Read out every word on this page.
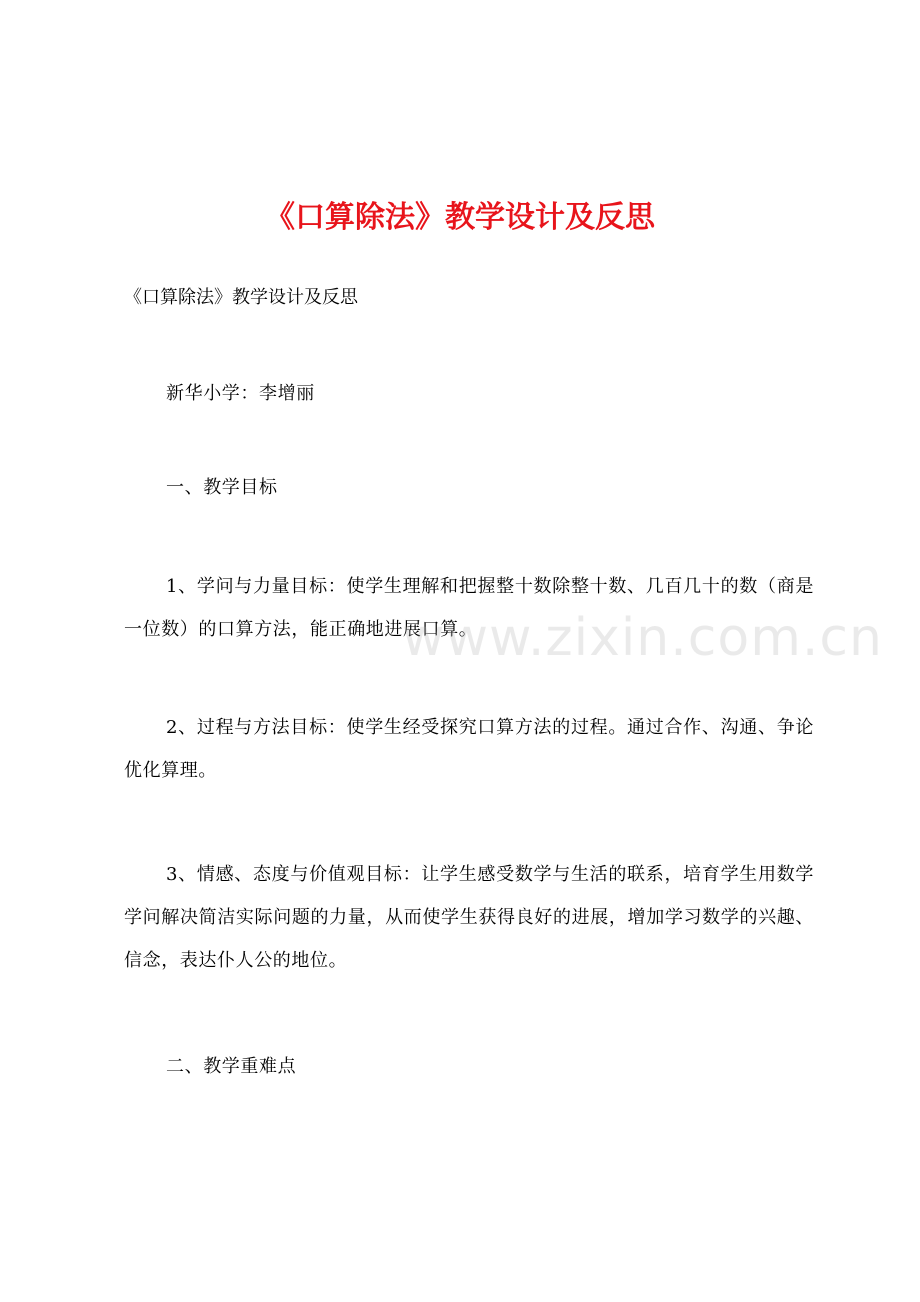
《口算除法》教学设计及反思

《口算除法》教学设计及反思

新华小学：李增丽

一、教学目标

1、学问与力量目标：使学生理解和把握整十数除整十数、几百几十的数（商是一位数）的口算方法，能正确地进展口算。

2、过程与方法目标：使学生经受探究口算方法的过程。通过合作、沟通、争论优化算理。

3、情感、态度与价值观目标：让学生感受数学与生活的联系，培育学生用数学学问解决简洁实际问题的力量，从而使学生获得良好的进展，增加学习数学的兴趣、信念，表达仆人公的地位。

二、教学重难点

www.zixin.com.cn
